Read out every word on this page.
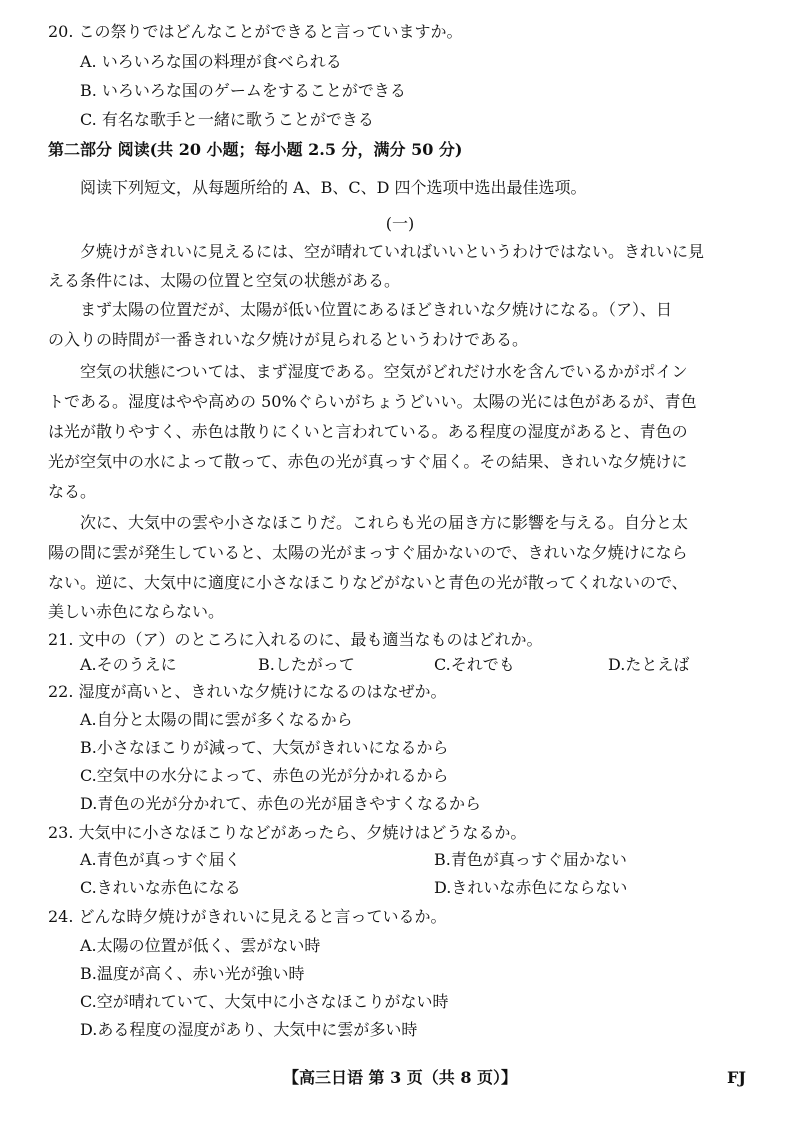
20. この祭りではどんなことができると言っていますか。
A. いろいろな国の料理が食べられる
B. いろいろな国のゲームをすることができる
C. 有名な歌手と一緒に歌うことができる
第二部分 阅读(共 20 小题；每小题 2.5 分，满分 50 分)
阅读下列短文，从每题所给的 A、B、C、D 四个选项中选出最佳选项。
(一)
夕焼けがきれいに見えるには、空が晴れていればいいというわけではない。きれいに見
える条件には、太陽の位置と空気の状態がある。
まず太陽の位置だが、太陽が低い位置にあるほどきれいな夕焼けになる。（ア）、日
の入りの時間が一番きれいな夕焼けが見られるというわけである。
空気の状態については、まず湿度である。空気がどれだけ水を含んでいるかがポイン
トである。湿度はやや高めの 50%ぐらいがちょうどいい。太陽の光には色があるが、青色
は光が散りやすく、赤色は散りにくいと言われている。ある程度の湿度があると、青色の
光が空気中の水によって散って、赤色の光が真っすぐ届く。その結果、きれいな夕焼けに
なる。
次に、大気中の雲や小さなほこりだ。これらも光の届き方に影響を与える。自分と太
陽の間に雲が発生していると、太陽の光がまっすぐ届かないので、きれいな夕焼けになら
ない。逆に、大気中に適度に小さなほこりなどがないと青色の光が散ってくれないので、
美しい赤色にならない。
21. 文中の（ア）のところに入れるのに、最も適当なものはどれか。
A.そのうえに	B.したがって	C.それでも	D.たとえば
22. 湿度が高いと、きれいな夕焼けになるのはなぜか。
A.自分と太陽の間に雲が多くなるから
B.小さなほこりが減って、大気がきれいになるから
C.空気中の水分によって、赤色の光が分かれるから
D.青色の光が分かれて、赤色の光が届きやすくなるから
23. 大気中に小さなほこりなどがあったら、夕焼けはどうなるか。
A.青色が真っすぐ届く	B.青色が真っすぐ届かない
C.きれいな赤色になる	D.きれいな赤色にならない
24. どんな時夕焼けがきれいに見えると言っているか。
A.太陽の位置が低く、雲がない時
B.温度が高く、赤い光が強い時
C.空が晴れていて、大気中に小さなほこりがない時
D.ある程度の湿度があり、大気中に雲が多い時
【高三日语 第 3 页（共 8 页）】	FJ
